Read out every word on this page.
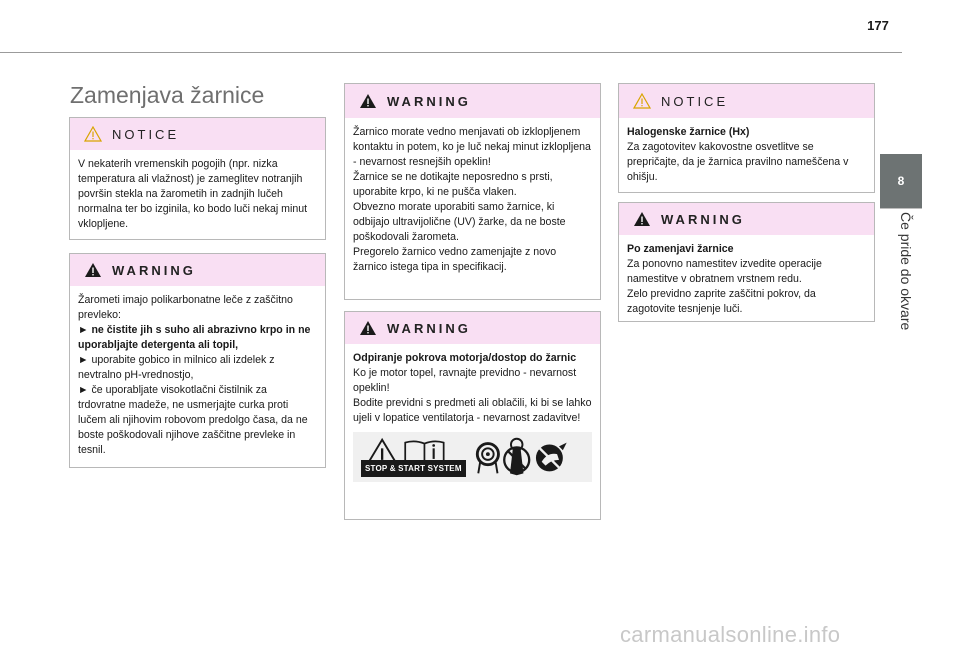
177
8
Če pride do okvare
Zamenjava žarnice
NOTICE

V nekaterih vremenskih pogojih (npr. nizka temperatura ali vlažnost) je zameglitev notranjih površin stekla na žarometih in zadnjih lučeh normalna ter bo izginila, ko bodo luči nekaj minut vklopljene.

WARNING

Žarometi imajo polikarbonatne leče z zaščitno prevleko:

► ne čistite jih s suho ali abrazivno krpo in ne uporabljajte detergenta ali topil,

► uporabite gobico in milnico ali izdelek z nevtralno pH-vrednostjo,

► če uporabljate visokotlačni čistilnik za trdovratne madeže, ne usmerjajte curka proti lučem ali njihovim robovom predolgo časa, da ne boste poškodovali njihove zaščitne prevleke in tesnil.

WARNING

Žarnico morate vedno menjavati ob izklopljenem kontaktu in potem, ko je luč nekaj minut izklopljena - nevarnost resnejših opeklin!

Žarnice se ne dotikajte neposredno s prsti, uporabite krpo, ki ne pušča vlaken.

Obvezno morate uporabiti samo žarnice, ki odbijajo ultravijolične (UV) žarke, da ne boste poškodovali žarometa.

Pregorelo žarnico vedno zamenjajte z novo žarnico istega tipa in specifikacij.

WARNING

Odpiranje pokrova motorja/dostop do žarnic

Ko je motor topel, ravnajte previdno - nevarnost opeklin!

Bodite previdni s predmeti ali oblačili, ki bi se lahko ujeli v lopatice ventilatorja - nevarnost zadavitve!

STOP & START SYSTEM
NOTICE

Halogenske žarnice (Hx)

Za zagotovitev kakovostne osvetlitve se prepričajte, da je žarnica pravilno nameščena v ohišju.

WARNING

Po zamenjavi žarnice

Za ponovno namestitev izvedite operacije namestitve v obratnem vrstnem redu.

Zelo previdno zaprite zaščitni pokrov, da zagotovite tesnjenje luči.

carmanualsonline.info
